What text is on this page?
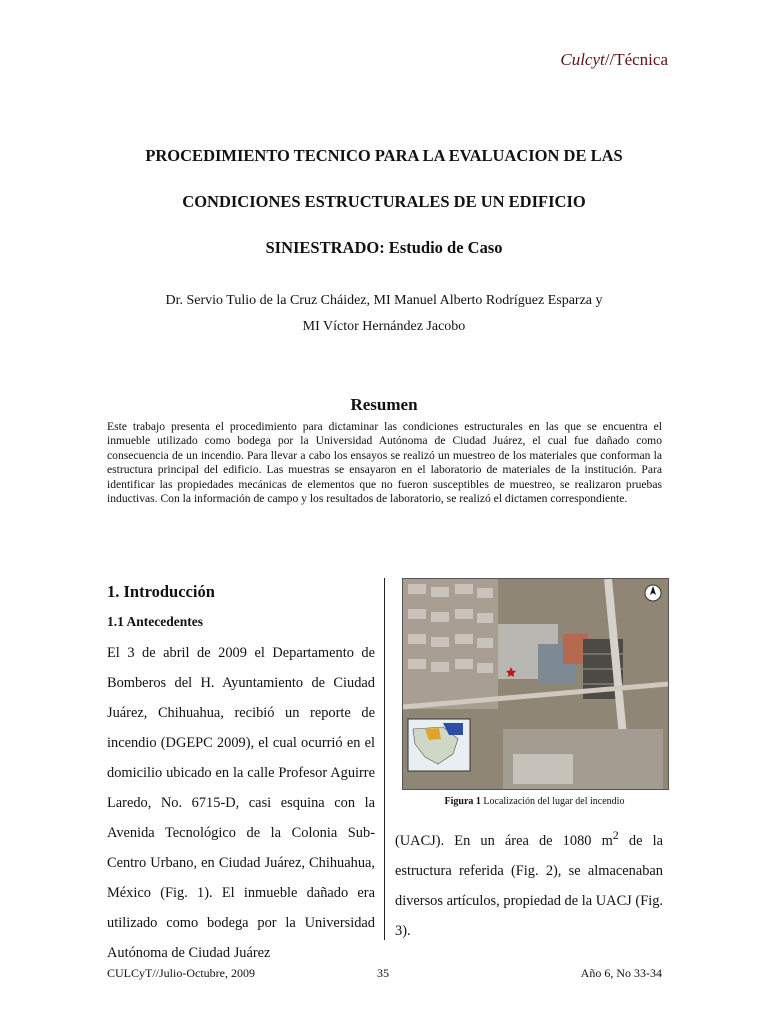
Culcyt//Técnica
PROCEDIMIENTO TECNICO PARA LA EVALUACION DE LAS
CONDICIONES ESTRUCTURALES DE UN EDIFICIO
SINIESTRADO: Estudio de Caso
Dr. Servio Tulio de la Cruz Cháidez, MI Manuel Alberto Rodríguez Esparza y
MI Víctor Hernández Jacobo
Resumen
Este trabajo presenta el procedimiento para dictaminar las condiciones estructurales en las que se encuentra el inmueble utilizado como bodega por la Universidad Autónoma de Ciudad Juárez, el cual fue dañado como consecuencia de un incendio. Para llevar a cabo los ensayos se realizó un muestreo de los materiales que conforman la estructura principal del edificio. Las muestras se ensayaron en el laboratorio de materiales de la institución. Para identificar las propiedades mecánicas de elementos que no fueron susceptibles de muestreo, se realizaron pruebas inductivas. Con la información de campo y los resultados de laboratorio, se realizó el dictamen correspondiente.
1. Introducción
1.1 Antecedentes

El 3 de abril de 2009 el Departamento de Bomberos del H. Ayuntamiento de Ciudad Juárez, Chihuahua, recibió un reporte de incendio (DGEPC 2009), el cual ocurrió en el domicilio ubicado en la calle Profesor Aguirre Laredo, No. 6715-D, casi esquina con la Avenida Tecnológico de la Colonia Sub-Centro Urbano, en Ciudad Juárez, Chihuahua, México (Fig. 1). El inmueble dañado era utilizado como bodega por la Universidad Autónoma de Ciudad Juárez

Figura 1 Localización del lugar del incendio

(UACJ). En un área de 1080 $m^2$ de la estructura referida (Fig. 2), se almacenaban diversos artículos, propiedad de la UACJ (Fig. 3).

CULCyT//Julio-Octubre, 2009	35	Año 6, No 33-34
